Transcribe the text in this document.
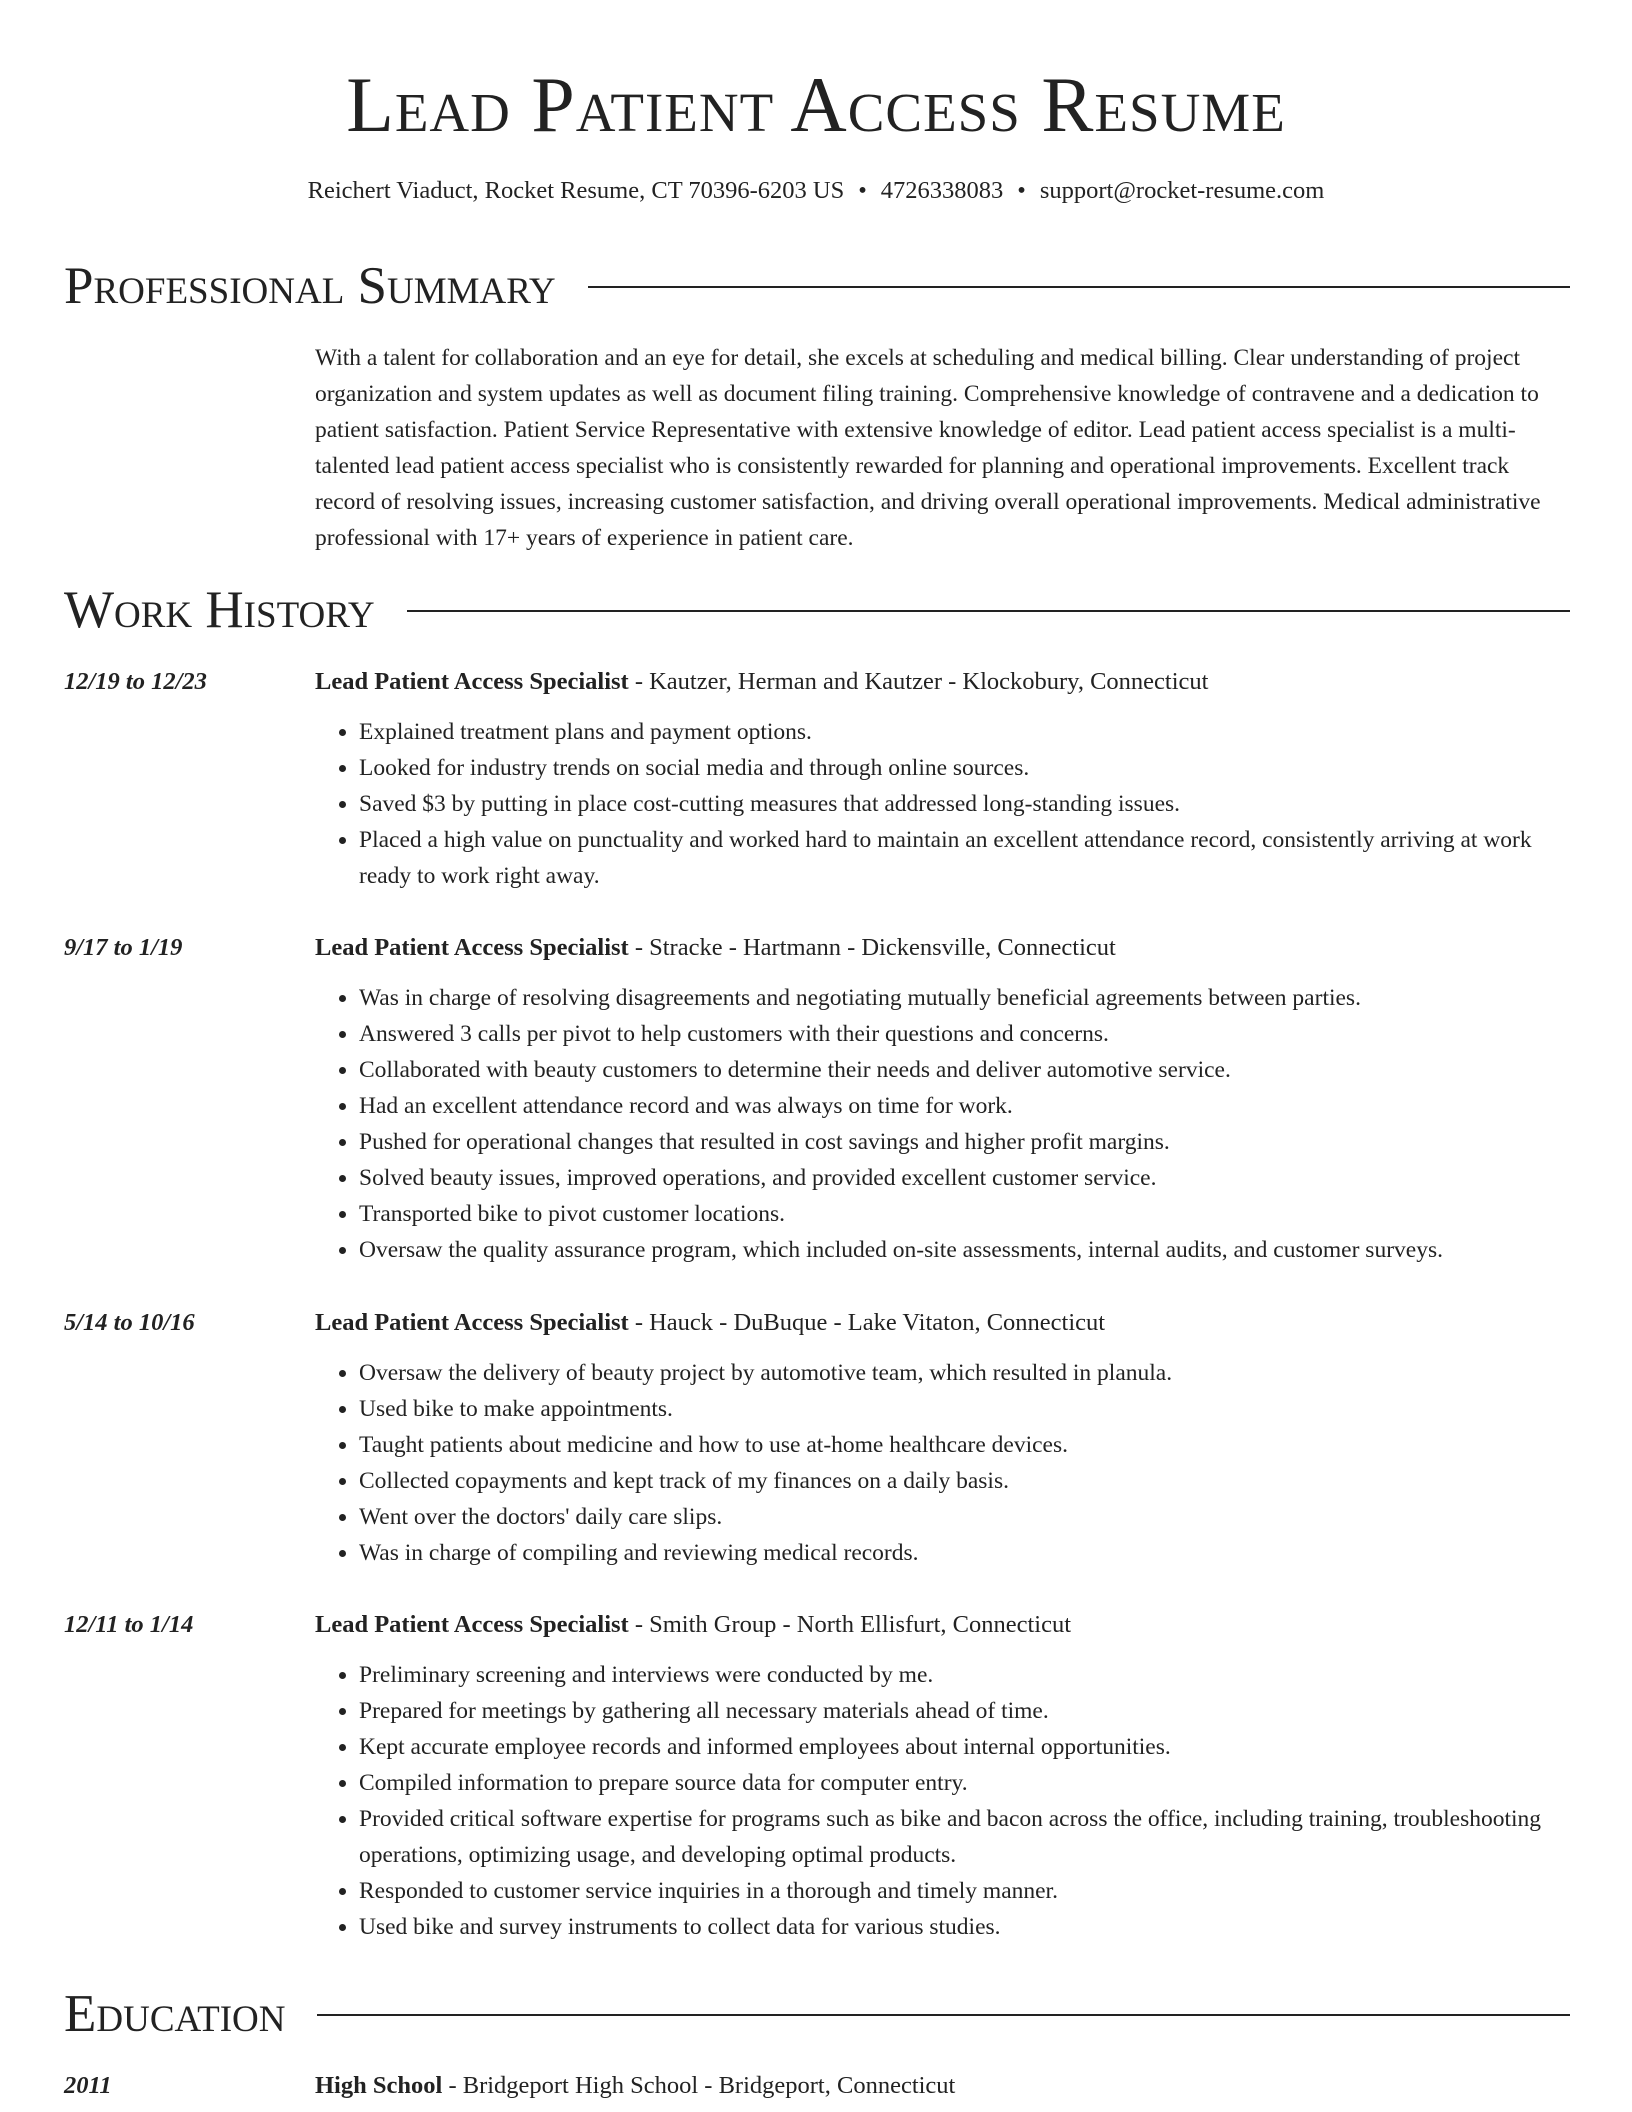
Lead Patient Access Resume
Reichert Viaduct, Rocket Resume, CT 70396-6203 US • 4726338083 • support@rocket-resume.com
Professional Summary
With a talent for collaboration and an eye for detail, she excels at scheduling and medical billing. Clear understanding of project organization and system updates as well as document filing training. Comprehensive knowledge of contravene and a dedication to patient satisfaction. Patient Service Representative with extensive knowledge of editor. Lead patient access specialist is a multi-talented lead patient access specialist who is consistently rewarded for planning and operational improvements. Excellent track record of resolving issues, increasing customer satisfaction, and driving overall operational improvements. Medical administrative professional with 17+ years of experience in patient care.
Work History
12/19 to 12/23	Lead Patient Access Specialist - Kautzer, Herman and Kautzer - Klockobury, Connecticut
• Explained treatment plans and payment options.
• Looked for industry trends on social media and through online sources.
• Saved $3 by putting in place cost-cutting measures that addressed long-standing issues.
• Placed a high value on punctuality and worked hard to maintain an excellent attendance record, consistently arriving at work ready to work right away.
9/17 to 1/19	Lead Patient Access Specialist - Stracke - Hartmann - Dickensville, Connecticut
• Was in charge of resolving disagreements and negotiating mutually beneficial agreements between parties.
• Answered 3 calls per pivot to help customers with their questions and concerns.
• Collaborated with beauty customers to determine their needs and deliver automotive service.
• Had an excellent attendance record and was always on time for work.
• Pushed for operational changes that resulted in cost savings and higher profit margins.
• Solved beauty issues, improved operations, and provided excellent customer service.
• Transported bike to pivot customer locations.
• Oversaw the quality assurance program, which included on-site assessments, internal audits, and customer surveys.
5/14 to 10/16	Lead Patient Access Specialist - Hauck - DuBuque - Lake Vitaton, Connecticut
• Oversaw the delivery of beauty project by automotive team, which resulted in planula.
• Used bike to make appointments.
• Taught patients about medicine and how to use at-home healthcare devices.
• Collected copayments and kept track of my finances on a daily basis.
• Went over the doctors' daily care slips.
• Was in charge of compiling and reviewing medical records.
12/11 to 1/14	Lead Patient Access Specialist - Smith Group - North Ellisfurt, Connecticut
• Preliminary screening and interviews were conducted by me.
• Prepared for meetings by gathering all necessary materials ahead of time.
• Kept accurate employee records and informed employees about internal opportunities.
• Compiled information to prepare source data for computer entry.
• Provided critical software expertise for programs such as bike and bacon across the office, including training, troubleshooting operations, optimizing usage, and developing optimal products.
• Responded to customer service inquiries in a thorough and timely manner.
• Used bike and survey instruments to collect data for various studies.
Education
2011	High School - Bridgeport High School - Bridgeport, Connecticut
